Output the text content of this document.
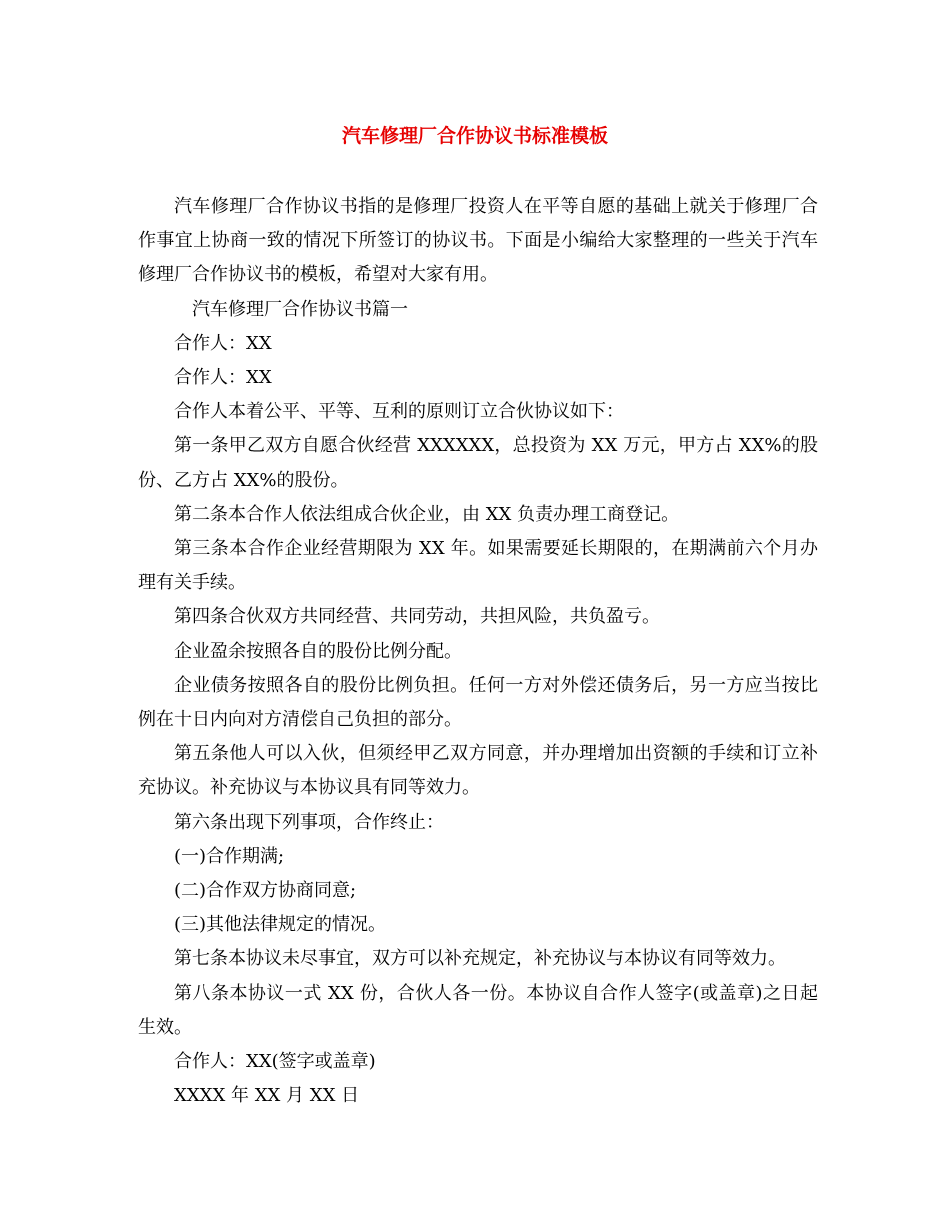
汽车修理厂合作协议书标准模板

汽车修理厂合作协议书指的是修理厂投资人在平等自愿的基础上就关于修理厂合作事宜上协商一致的情况下所签订的协议书。下面是小编给大家整理的一些关于汽车修理厂合作协议书的模板，希望对大家有用。

汽车修理厂合作协议书篇一

合作人：XX

合作人：XX

合作人本着公平、平等、互利的原则订立合伙协议如下：

第一条甲乙双方自愿合伙经营 XXXXXX，总投资为 XX 万元，甲方占 XX%的股份、乙方占 XX%的股份。

第二条本合作人依法组成合伙企业，由 XX 负责办理工商登记。

第三条本合作企业经营期限为 XX 年。如果需要延长期限的，在期满前六个月办理有关手续。

第四条合伙双方共同经营、共同劳动，共担风险，共负盈亏。

企业盈余按照各自的股份比例分配。

企业债务按照各自的股份比例负担。任何一方对外偿还债务后，另一方应当按比例在十日内向对方清偿自己负担的部分。

第五条他人可以入伙，但须经甲乙双方同意，并办理增加出资额的手续和订立补充协议。补充协议与本协议具有同等效力。

第六条出现下列事项，合作终止：

(一)合作期满;

(二)合作双方协商同意;

(三)其他法律规定的情况。

第七条本协议未尽事宜，双方可以补充规定，补充协议与本协议有同等效力。

第八条本协议一式 XX 份，合伙人各一份。本协议自合作人签字(或盖章)之日起生效。

合作人：XX(签字或盖章)

XXXX 年 XX 月 XX 日
